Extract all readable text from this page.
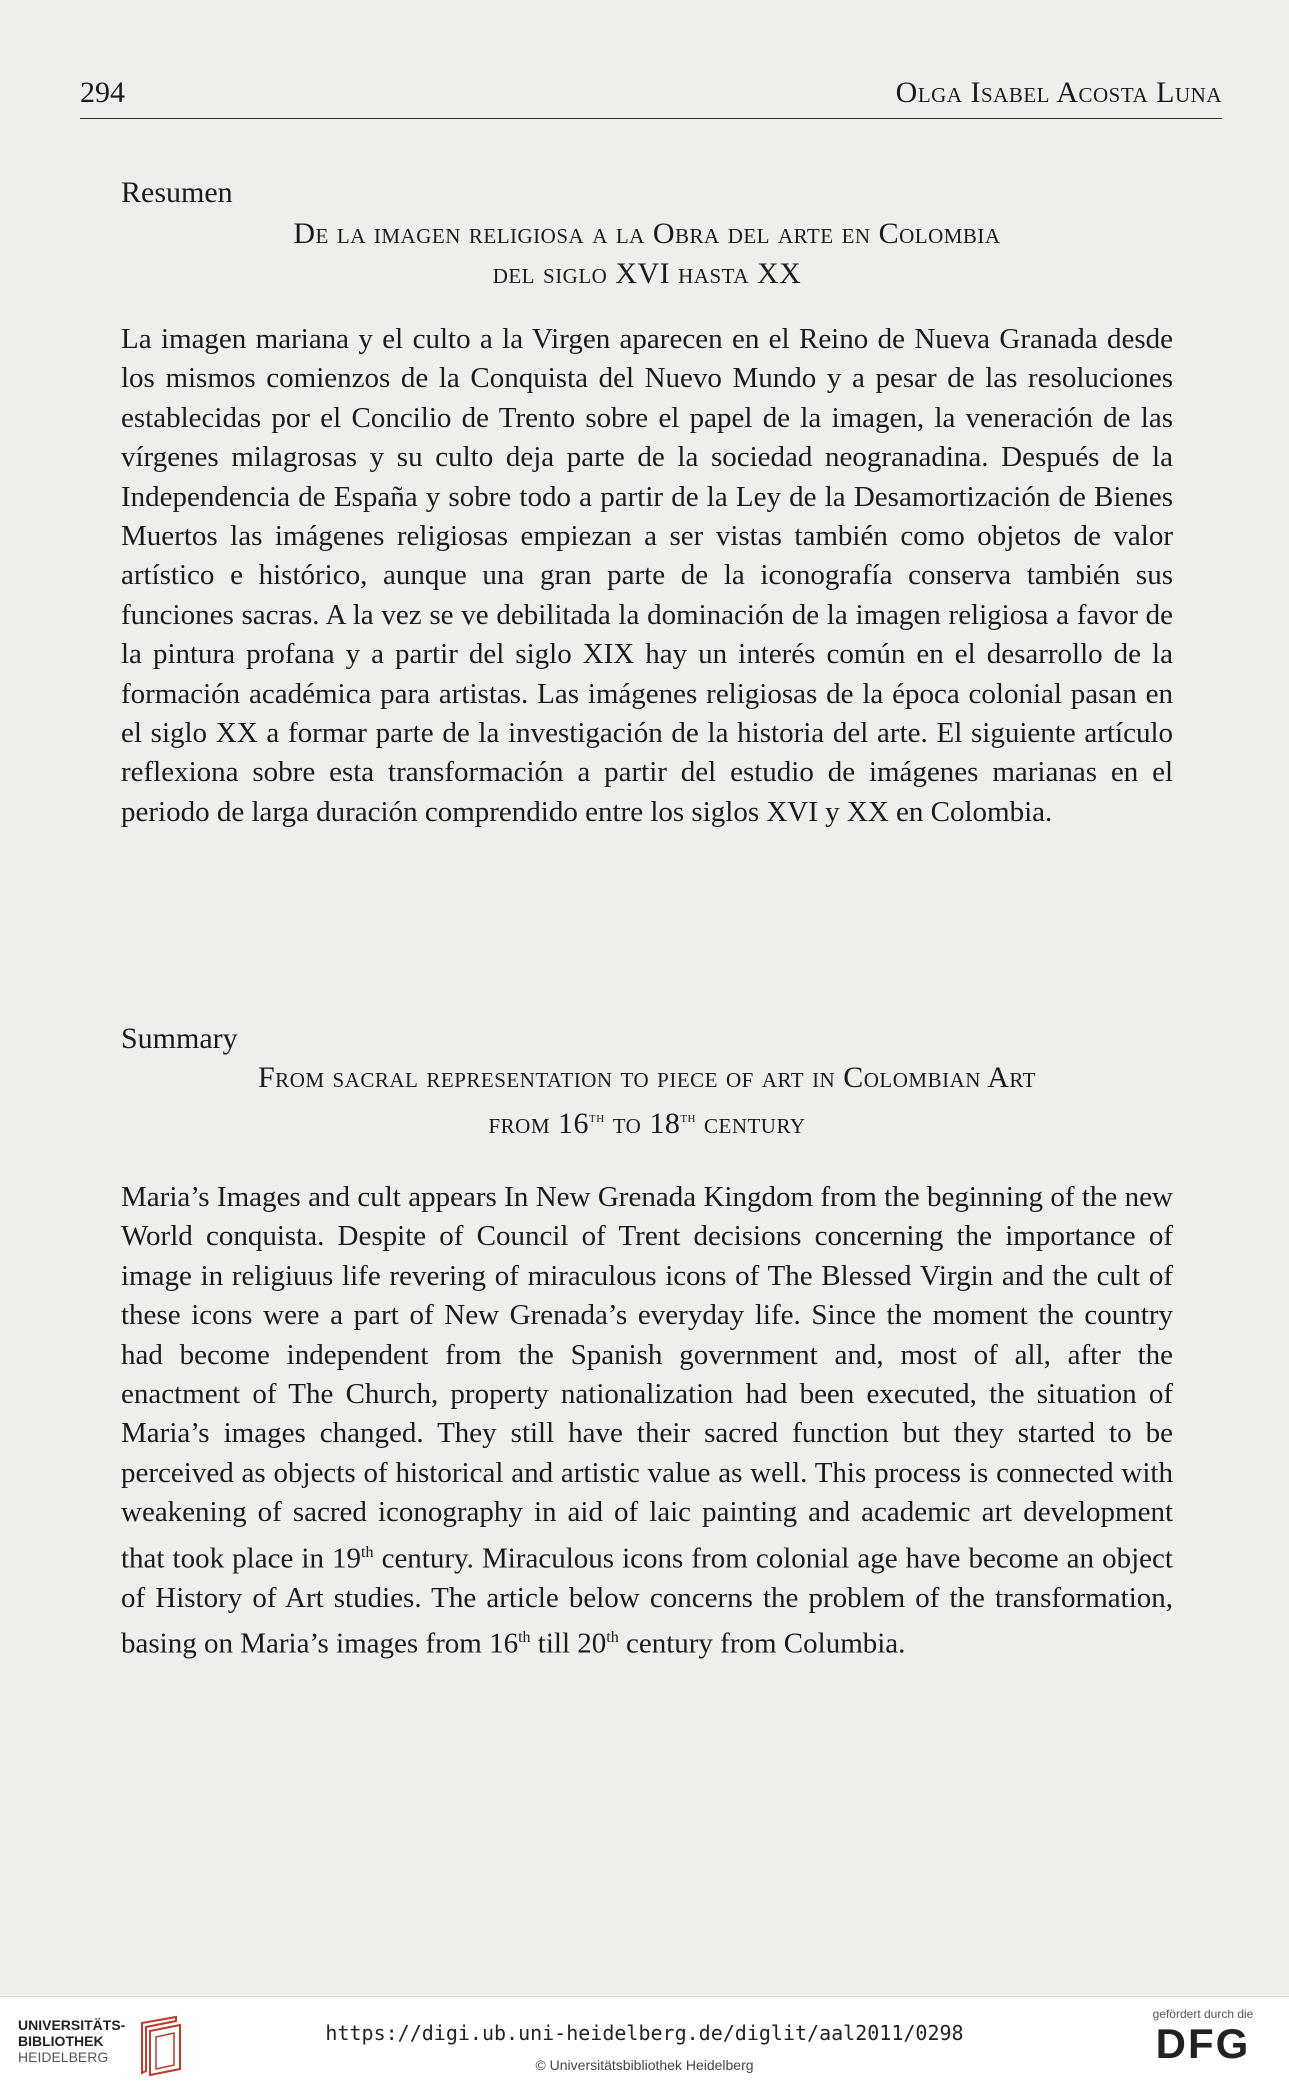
294	Olga Isabel Acosta Luna

Resumen

De la imagen religiosa a la Obra del arte en Colombia
del siglo XVI hasta XX

La imagen mariana y el culto a la Virgen aparecen en el Reino de Nueva Granada desde los mismos comienzos de la Conquista del Nuevo Mundo y a pesar de las resoluciones establecidas por el Concilio de Trento sobre el papel de la imagen, la veneración de las vírgenes milagrosas y su culto deja parte de la sociedad neogranadina. Después de la Independencia de España y sobre todo a partir de la Ley de la Desamortización de Bienes Muertos las imágenes religiosas empiezan a ser vistas también como objetos de valor artístico e histórico, aunque una gran parte de la iconografía conserva también sus funciones sacras. A la vez se ve debilitada la dominación de la imagen religiosa a favor de la pintura profana y a partir del siglo XIX hay un interés común en el desarrollo de la formación académica para artistas. Las imágenes religiosas de la época colonial pasan en el siglo XX a formar parte de la investigación de la historia del arte. El siguiente artículo reflexiona sobre esta transformación a partir del estudio de imágenes marianas en el periodo de larga duración comprendido entre los siglos XVI y XX en Colombia.

Summary

From sacral representation to piece of art in Colombian Art
from 16th to 18th century

Maria’s Images and cult appears In New Grenada Kingdom from the beginning of the new World conquista. Despite of Council of Trent decisions concerning the importance of image in religiuus life revering of miraculous icons of The Blessed Virgin and the cult of these icons were a part of New Grenada’s everyday life. Since the moment the country had become independent from the Spanish government and, most of all, after the enactment of The Church, property nationalization had been executed, the situation of Maria’s images changed. They still have their sacred function but they started to be perceived as objects of historical and artistic value as well. This process is connected with weakening of sacred iconography in aid of laic painting and academic art development that took place in 19th century. Miraculous icons from colonial age have become an object of History of Art studies. The article below concerns the problem of the transformation, basing on Maria’s images from 16th till 20th century from Columbia.

UNIVERSITÄTS-
BIBLIOTHEK
HEIDELBERG
https://digi.ub.uni-heidelberg.de/diglit/aal2011/0298
© Universitätsbibliothek Heidelberg
gefördert durch die
DFG
